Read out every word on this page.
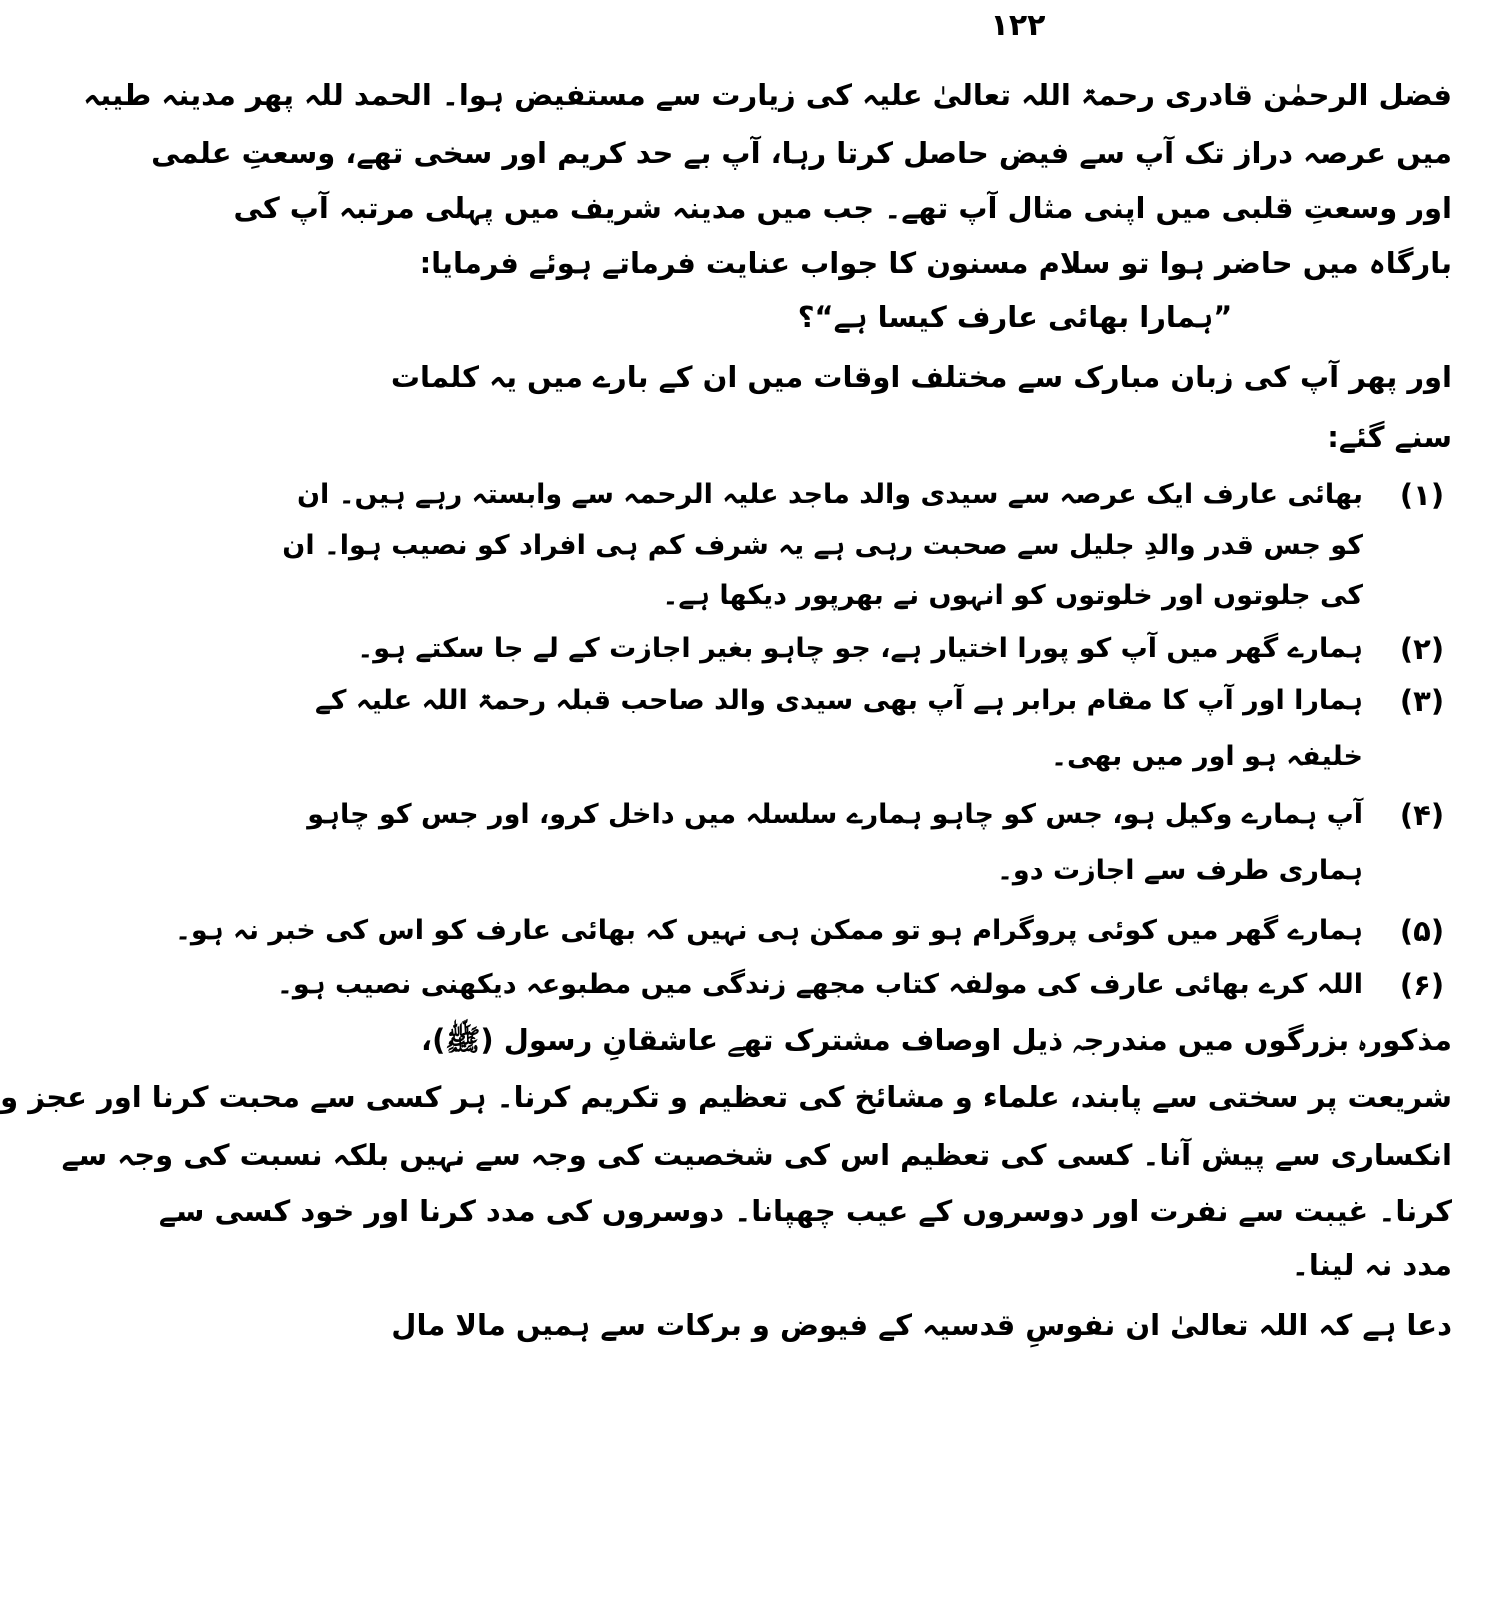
۱۲۲
فضل الرحمٰن قادری رحمۃ اللہ تعالیٰ علیہ کی زیارت سے مستفیض ہوا۔ الحمد للہ پھر مدینہ طیبہ
میں عرصہ دراز تک آپ سے فیض حاصل کرتا رہا، آپ بے حد کریم اور سخی تھے، وسعتِ علمی
اور وسعتِ قلبی میں اپنی مثال آپ تھے۔ جب میں مدینہ شریف میں پہلی مرتبہ آپ کی
بارگاہ میں حاضر ہوا تو سلام مسنون کا جواب عنایت فرماتے ہوئے فرمایا:
”ہمارا بھائی عارف کیسا ہے“؟
اور پھر آپ کی زبان مبارک سے مختلف اوقات میں ان کے بارے میں یہ کلمات
سنے گئے:
(۱)
بھائی عارف ایک عرصہ سے سیدی والد ماجد علیہ الرحمہ سے وابستہ رہے ہیں۔ ان
کو جس قدر والدِ جلیل سے صحبت رہی ہے یہ شرف کم ہی افراد کو نصیب ہوا۔ ان
کی جلوتوں اور خلوتوں کو انہوں نے بھرپور دیکھا ہے۔
(۲)
ہمارے گھر میں آپ کو پورا اختیار ہے، جو چاہو بغیر اجازت کے لے جا سکتے ہو۔
(۳)
ہمارا اور آپ کا مقام برابر ہے آپ بھی سیدی والد صاحب قبلہ رحمۃ اللہ علیہ کے
خلیفہ ہو اور میں بھی۔
(۴)
آپ ہمارے وکیل ہو، جس کو چاہو ہمارے سلسلہ میں داخل کرو، اور جس کو چاہو
ہماری طرف سے اجازت دو۔
(۵)
ہمارے گھر میں کوئی پروگرام ہو تو ممکن ہی نہیں کہ بھائی عارف کو اس کی خبر نہ ہو۔
(۶)
اللہ کرے بھائی عارف کی مولفہ کتاب مجھے زندگی میں مطبوعہ دیکھنی نصیب ہو۔
مذکورہ بزرگوں میں مندرجہ ذیل اوصاف مشترک تھے عاشقانِ رسول (ﷺ)،
شریعت پر سختی سے پابند، علماء و مشائخ کی تعظیم و تکریم کرنا۔ ہر کسی سے محبت کرنا اور عجز و
انکساری سے پیش آنا۔ کسی کی تعظیم اس کی شخصیت کی وجہ سے نہیں بلکہ نسبت کی وجہ سے
کرنا۔ غیبت سے نفرت اور دوسروں کے عیب چھپانا۔ دوسروں کی مدد کرنا اور خود کسی سے
مدد نہ لینا۔
دعا ہے کہ اللہ تعالیٰ ان نفوسِ قدسیہ کے فیوض و برکات سے ہمیں مالا مال
